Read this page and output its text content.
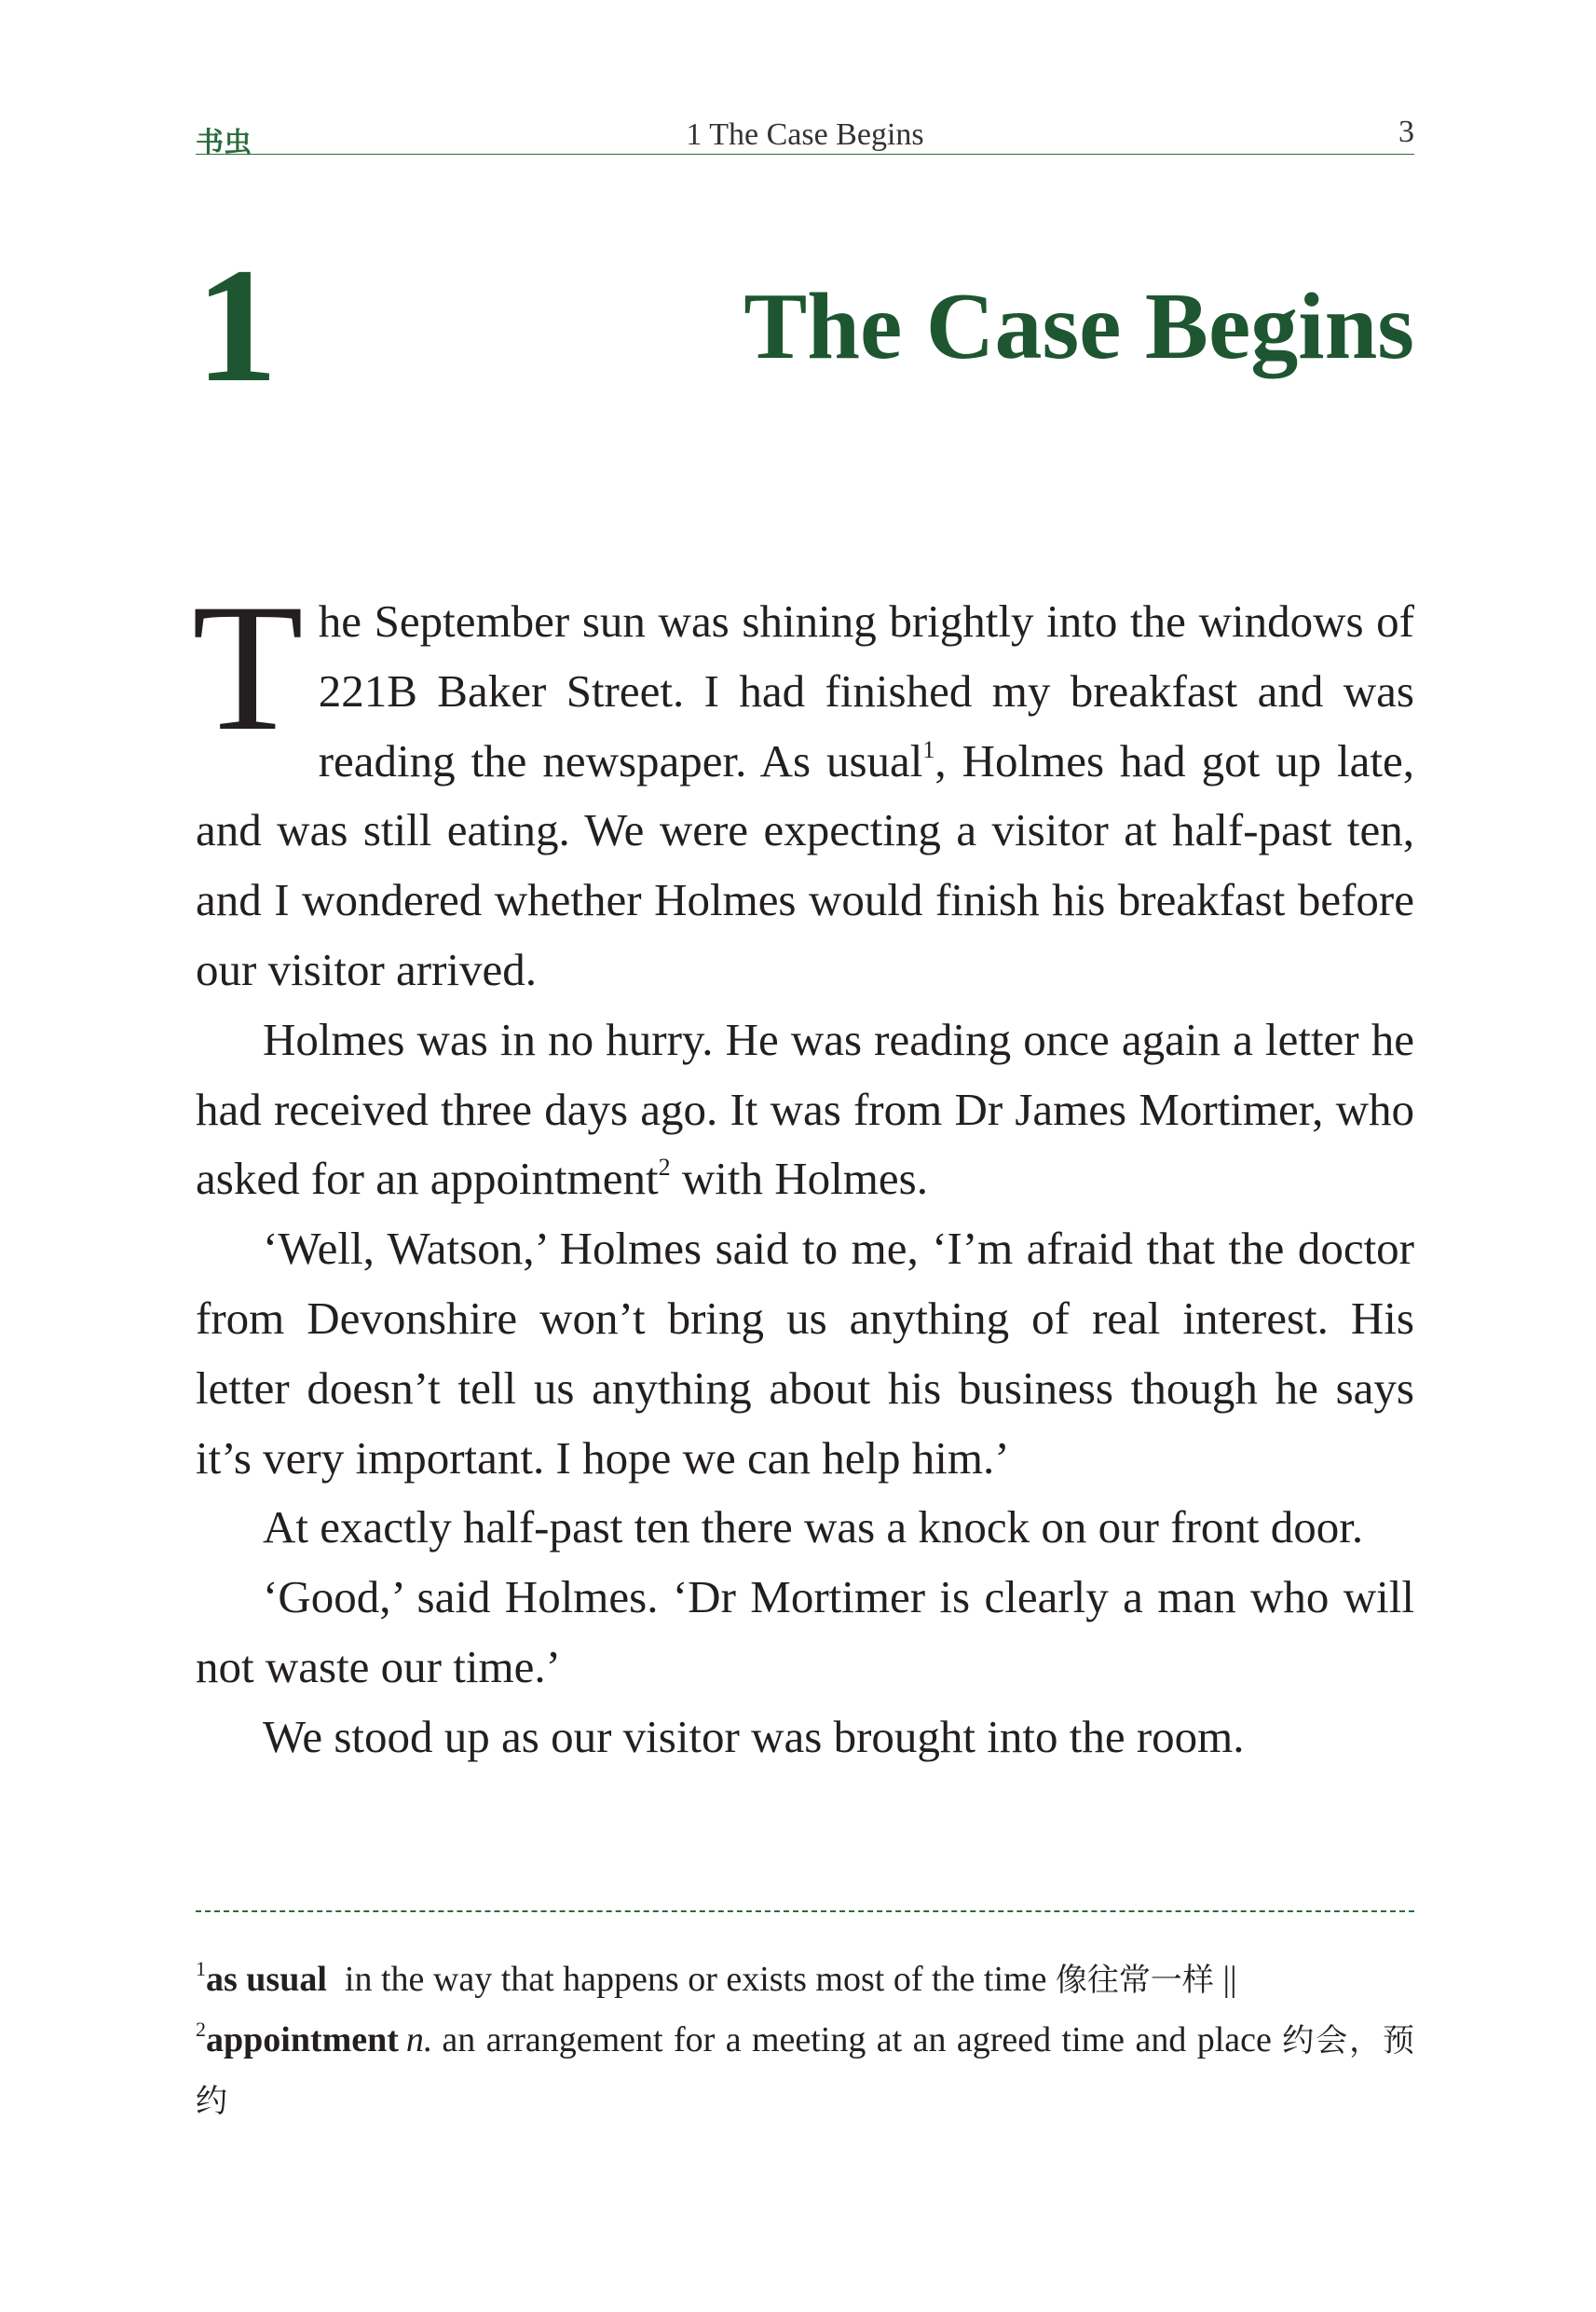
书虫	1 The Case Begins	3
1	The Case Begins

The September sun was shining brightly into the windows of 221B Baker Street. I had finished my breakfast and was reading the newspaper. As usual$^1$, Holmes had got up late, and was still eating. We were expecting a visitor at half-past ten, and I wondered whether Holmes would finish his breakfast before our visitor arrived.

Holmes was in no hurry. He was reading once again a letter he had received three days ago. It was from Dr James Mortimer, who asked for an appointment$^2$ with Holmes.

‘Well, Watson,’ Holmes said to me, ‘I’m afraid that the doctor from Devonshire won’t bring us anything of real interest. His letter doesn’t tell us anything about his business though he says it’s very important. I hope we can help him.’

At exactly half-past ten there was a knock on our front door.

‘Good,’ said Holmes. ‘Dr Mortimer is clearly a man who will not waste our time.’

We stood up as our visitor was brought into the room.

$^1$as usual in the way that happens or exists most of the time 像往常一样 ||

$^2$appointment n. an arrangement for a meeting at an agreed time and place 约会，预约
